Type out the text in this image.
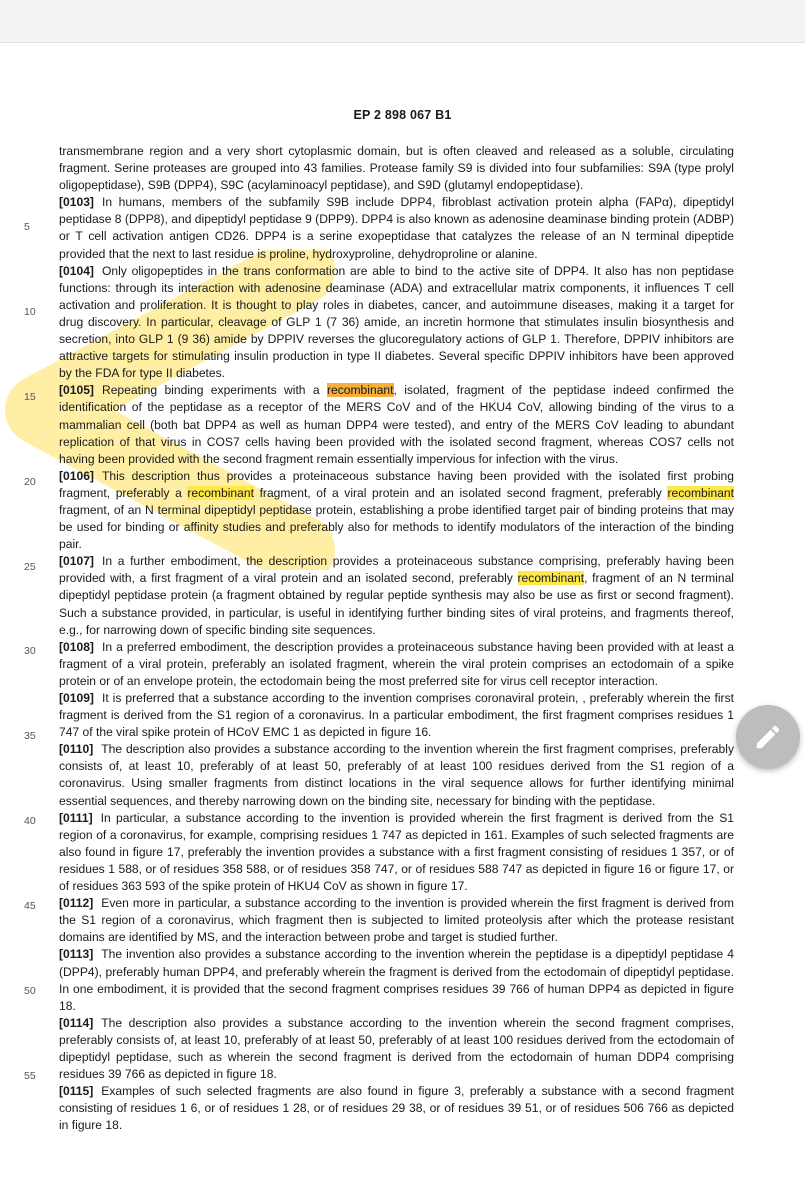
EP 2 898 067 B1
5
10
15
20
25
30
35
40
45
50
55

transmembrane region and a very short cytoplasmic domain, but is often cleaved and released as a soluble, circulating fragment. Serine proteases are grouped into 43 families. Protease family S9 is divided into four subfamilies: S9A (type prolyl oligopeptidase), S9B (DPP4), S9C (acylaminoacyl peptidase), and S9D (glutamyl endopeptidase).

[0103] In humans, members of the subfamily S9B include DPP4, fibroblast activation protein alpha (FAPα), dipeptidyl peptidase 8 (DPP8), and dipeptidyl peptidase 9 (DPP9). DPP4 is also known as adenosine deaminase binding protein (ADBP) or T cell activation antigen CD26. DPP4 is a serine exopeptidase that catalyzes the release of an N terminal dipeptide provided that the next to last residue is proline, hydroxyproline, dehydroproline or alanine.

[0104] Only oligopeptides in the trans conformation are able to bind to the active site of DPP4. It also has non peptidase functions: through its interaction with adenosine deaminase (ADA) and extracellular matrix components, it influences T cell activation and proliferation. It is thought to play roles in diabetes, cancer, and autoimmune diseases, making it a target for drug discovery. In particular, cleavage of GLP 1 (7 36) amide, an incretin hormone that stimulates insulin biosynthesis and secretion, into GLP 1 (9 36) amide by DPPIV reverses the glucoregulatory actions of GLP 1. Therefore, DPPIV inhibitors are attractive targets for stimulating insulin production in type II diabetes. Several specific DPPIV inhibitors have been approved by the FDA for type II diabetes.

[0105] Repeating binding experiments with a recombinant, isolated, fragment of the peptidase indeed confirmed the identification of the peptidase as a receptor of the MERS CoV and of the HKU4 CoV, allowing binding of the virus to a mammalian cell (both bat DPP4 as well as human DPP4 were tested), and entry of the MERS CoV leading to abundant replication of that virus in COS7 cells having been provided with the isolated second fragment, whereas COS7 cells not having been provided with the second fragment remain essentially impervious for infection with the virus.

[0106] This description thus provides a proteinaceous substance having been provided with the isolated first probing fragment, preferably a recombinant fragment, of a viral protein and an isolated second fragment, preferably recombinant fragment, of an N terminal dipeptidyl peptidase protein, establishing a probe identified target pair of binding proteins that may be used for binding or affinity studies and preferably also for methods to identify modulators of the interaction of the binding pair.

[0107] In a further embodiment, the description provides a proteinaceous substance comprising, preferably having been provided with, a first fragment of a viral protein and an isolated second, preferably recombinant, fragment of an N terminal dipeptidyl peptidase protein (a fragment obtained by regular peptide synthesis may also be use as first or second fragment). Such a substance provided, in particular, is useful in identifying further binding sites of viral proteins, and fragments thereof, e.g., for narrowing down of specific binding site sequences.

[0108] In a preferred embodiment, the description provides a proteinaceous substance having been provided with at least a fragment of a viral protein, preferably an isolated fragment, wherein the viral protein comprises an ectodomain of a spike protein or of an envelope protein, the ectodomain being the most preferred site for virus cell receptor interaction.

[0109] It is preferred that a substance according to the invention comprises coronaviral protein, , preferably wherein the first fragment is derived from the S1 region of a coronavirus. In a particular embodiment, the first fragment comprises residues 1 747 of the viral spike protein of HCoV EMC 1 as depicted in figure 16.

[0110] The description also provides a substance according to the invention wherein the first fragment comprises, preferably consists of, at least 10, preferably of at least 50, preferably of at least 100 residues derived from the S1 region of a coronavirus. Using smaller fragments from distinct locations in the viral sequence allows for further identifying minimal essential sequences, and thereby narrowing down on the binding site, necessary for binding with the peptidase.

[0111] In particular, a substance according to the invention is provided wherein the first fragment is derived from the S1 region of a coronavirus, for example, comprising residues 1 747 as depicted in 161. Examples of such selected fragments are also found in figure 17, preferably the invention provides a substance with a first fragment consisting of residues 1 357, or of residues 1 588, or of residues 358 588, or of residues 358 747, or of residues 588 747 as depicted in figure 16 or figure 17, or of residues 363 593 of the spike protein of HKU4 CoV as shown in figure 17.

[0112] Even more in particular, a substance according to the invention is provided wherein the first fragment is derived from the S1 region of a coronavirus, which fragment then is subjected to limited proteolysis after which the protease resistant domains are identified by MS, and the interaction between probe and target is studied further.

[0113] The invention also provides a substance according to the invention wherein the peptidase is a dipeptidyl peptidase 4 (DPP4), preferably human DPP4, and preferably wherein the fragment is derived from the ectodomain of dipeptidyl peptidase. In one embodiment, it is provided that the second fragment comprises residues 39 766 of human DPP4 as depicted in figure 18.

[0114] The description also provides a substance according to the invention wherein the second fragment comprises, preferably consists of, at least 10, preferably of at least 50, preferably of at least 100 residues derived from the ectodomain of dipeptidyl peptidase, such as wherein the second fragment is derived from the ectodomain of human DDP4 comprising residues 39 766 as depicted in figure 18.

[0115] Examples of such selected fragments are also found in figure 3, preferably a substance with a second fragment consisting of residues 1 6, or of residues 1 28, or of residues 29 38, or of residues 39 51, or of residues 506 766 as depicted in figure 18.
